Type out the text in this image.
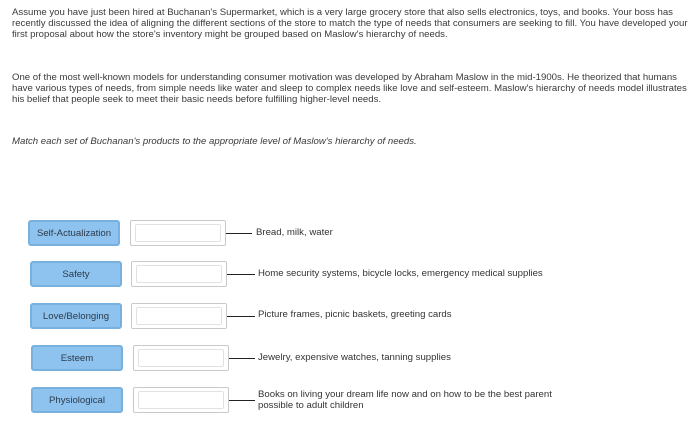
Assume you have just been hired at Buchanan's Supermarket, which is a very large grocery store that also sells electronics, toys, and books. Your boss has recently discussed the idea of aligning the different sections of the store to match the type of needs that consumers are seeking to fill. You have developed your first proposal about how the store's inventory might be grouped based on Maslow's hierarchy of needs.

One of the most well-known models for understanding consumer motivation was developed by Abraham Maslow in the mid-1900s. He theorized that humans have various types of needs, from simple needs like water and sleep to complex needs like love and self-esteem. Maslow's hierarchy of needs model illustrates his belief that people seek to meet their basic needs before fulfilling higher-level needs.

Match each set of Buchanan's products to the appropriate level of Maslow's hierarchy of needs.

Self-Actualization	Bread, milk, water
Safety	Home security systems, bicycle locks, emergency medical supplies
Love/Belonging	Picture frames, picnic baskets, greeting cards
Esteem	Jewelry, expensive watches, tanning supplies
Physiological	Books on living your dream life now and on how to be the best parent possible to adult children
